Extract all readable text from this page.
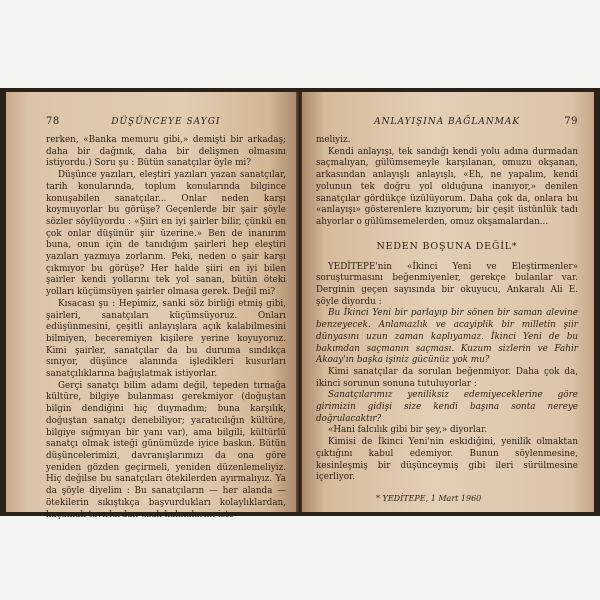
78	DÜŞÜNCEYE SAYGI

rerken, «Banka memuru gibi,» demişti bir arkadaş; daha bir dağınık, daha bir delişmen olmasını istiyordu.) Soru şu : Bütün sanatçılar öyle mi?

Düşünce yazıları, eleştiri yazıları yazan sanatçılar, tarih konularında, toplum konularında bilgince konuşabilen sanatçılar... Onlar neden karşı koymuyorlar bu görüşe? Geçenlerde bir şair şöyle sözler söylüyordu : «Şiiri en iyi şairler bilir, çünkü en çok onlar düşünür şiir üzerine.» Ben de inanırım buna, onun için de tanıdığım şairleri hep eleştiri yazıları yazmıya zorlarım. Peki, neden o şair karşı çıkmıyor bu görüşe? Her halde şiiri en iyi bilen şairler kendi yollarını tek yol sanan, bütün öteki yolları küçümsüyen şairler olmasa gerek. Değil mi?

Kısacası şu : Hepimiz, sanki söz birliği etmiş gibi, şairleri, sanatçıları küçümsüyoruz. Onları edüşünmesini, çeşitli anlayışlara açık kalabilmesini bilmiyen, beceremiyen kişilere yerine koyuyoruz. Kimi şairler, sanatçılar da bu duruma sındıkça sınıyor, düşünce alanında işledikleri kusurları sanatçılıklarına bağışlatmak istiyorlar.

Gerçi sanatçı bilim adamı değil, tepeden tırnağa kültüre, bilgiye bulanması gerekmiyor (doğuştan bilgin dendiğini hiç duymadım; buna karşılık, doğuştan sanatçı denebiliyor; yaratıcılığın kültüre, bilgiye sığmıyan bir yanı var), ama bilgili, kültürlü sanatçı olmak isteği günümüzde iyice baskın. Bütün düşüncelerimizi, davranışlarımızı da ona göre yeniden gözden geçirmeli, yeniden düzenlemeliyiz. Hiç değilse bu sanatçıları ötekilerden ayırmalıyız. Ya da şöyle diyelim : Bu sanatçıların — her alanda — ötekilerin sıkıştıkça başvurdukları kolaylıklardan, kaçamak tavırlardan uzak kalmalarını iste-

ANLAYIŞINA BAĞLANMAK	79

meliyiz.

Kendi anlayışı, tek sandığı kendi yolu adına durmadan saçmalıyan, gülümsemeyle karşılanan, omuzu okşanan, arkasından anlayışlı anlayışlı, «Eh, ne yapalım, kendi yolunun tek doğru yol olduğuna inanıyor,» denilen sanatçılar gördükçe üzülüyorum. Daha çok da, onlara bu «anlayışı» gösterenlere kızıyorum; bir çeşit üstünlük tadı ahyorlar o gülümsemelerden, omuz okşamalardan...

NEDEN BOŞUNA DEĞİL*

YEDİTEPE'nin «İkinci Yeni ve Eleştirmenler» soruşturmasını beğenmiyenler, gerekçe bulanlar var. Derginin geçen sayısında bir okuyucu, Ankaralı Ali E. şöyle diyordu :

Bu İkinci Yeni bir parlayıp bir sönen bir saman alevine benzeyecek. Anlamazlık ve acayiplik bir milletin şiir dünyasını uzun zaman kaplıyamaz. İkinci Yeni de bu bakımdan saçmanın saçması. Kuzum sizlerin ve Fahir Akoay'ın başka işiniz gücünüz yok mu?

Kimi sanatçılar da sorulan beğenmiyor. Daha çok da, ikinci sorunun sonuna tutuluyorlar :

Sanatçılarımız yeniliksiz edemiyeceklerine göre girimizin gidişi size kendi başına sonta nereye doğrulacaktır?

«Hani falcılık gibi bir şey,» diyorlar.

Kimisi de İkinci Yeni'nin eskidiğini, yenilik olmaktan çıktığını kabul edemiyor. Bunun söylenmesine, kesinleşmiş bir düşünceymiş gibi ileri sürülmesine içerliyor.

* YEDİTEPE, 1 Mart 1960
